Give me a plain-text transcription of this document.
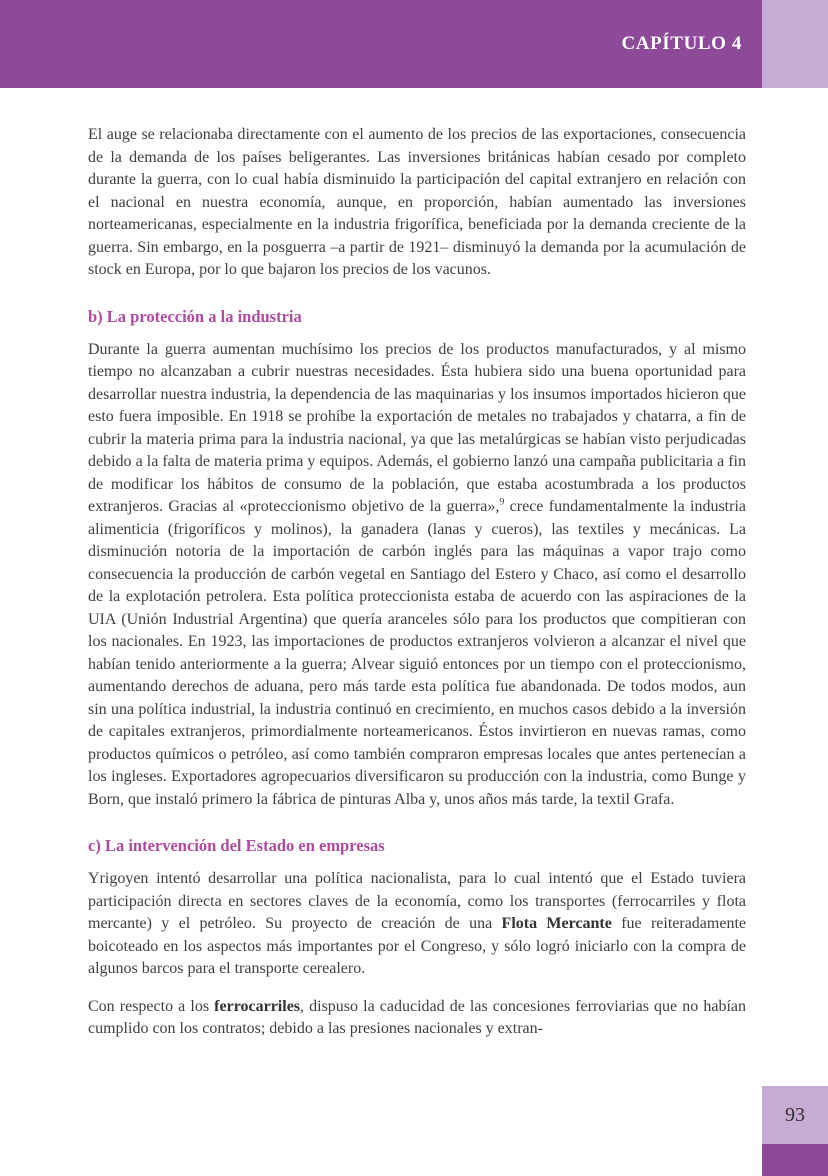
CAPÍTULO 4

El auge se relacionaba directamente con el aumento de los precios de las exportaciones, consecuencia de la demanda de los países beligerantes. Las inversiones británicas habían cesado por completo durante la guerra, con lo cual había disminuido la participación del capital extranjero en relación con el nacional en nuestra economía, aunque, en proporción, habían aumentado las inversiones norteamericanas, especialmente en la industria frigorífica, beneficiada por la demanda creciente de la guerra. Sin embargo, en la posguerra –a partir de 1921– disminuyó la demanda por la acumulación de stock en Europa, por lo que bajaron los precios de los vacunos.

b) La protección a la industria

Durante la guerra aumentan muchísimo los precios de los productos manufacturados, y al mismo tiempo no alcanzaban a cubrir nuestras necesidades. Ésta hubiera sido una buena oportunidad para desarrollar nuestra industria, la dependencia de las maquinarias y los insumos importados hicieron que esto fuera imposible. En 1918 se prohíbe la exportación de metales no trabajados y chatarra, a fin de cubrir la materia prima para la industria nacional, ya que las metalúrgicas se habían visto perjudicadas debido a la falta de materia prima y equipos. Además, el gobierno lanzó una campaña publicitaria a fin de modificar los hábitos de consumo de la población, que estaba acostumbrada a los productos extranjeros. Gracias al «proteccionismo objetivo de la guerra»,$^9$ crece fundamentalmente la industria alimenticia (frigoríficos y molinos), la ganadera (lanas y cueros), las textiles y mecánicas. La disminución notoria de la importación de carbón inglés para las máquinas a vapor trajo como consecuencia la producción de carbón vegetal en Santiago del Estero y Chaco, así como el desarrollo de la explotación petrolera. Esta política proteccionista estaba de acuerdo con las aspiraciones de la UIA (Unión Industrial Argentina) que quería aranceles sólo para los productos que compitieran con los nacionales. En 1923, las importaciones de productos extranjeros volvieron a alcanzar el nivel que habían tenido anteriormente a la guerra; Alvear siguió entonces por un tiempo con el proteccionismo, aumentando derechos de aduana, pero más tarde esta política fue abandonada. De todos modos, aun sin una política industrial, la industria continuó en crecimiento, en muchos casos debido a la inversión de capitales extranjeros, primordialmente norteamericanos. Éstos invirtieron en nuevas ramas, como productos químicos o petróleo, así como también compraron empresas locales que antes pertenecían a los ingleses. Exportadores agropecuarios diversificaron su producción con la industria, como Bunge y Born, que instaló primero la fábrica de pinturas Alba y, unos años más tarde, la textil Grafa.

c) La intervención del Estado en empresas

Yrigoyen intentó desarrollar una política nacionalista, para lo cual intentó que el Estado tuviera participación directa en sectores claves de la economía, como los transportes (ferrocarriles y flota mercante) y el petróleo. Su proyecto de creación de una Flota Mercante fue reiteradamente boicoteado en los aspectos más importantes por el Congreso, y sólo logró iniciarlo con la compra de algunos barcos para el transporte cerealero.

Con respecto a los ferrocarriles, dispuso la caducidad de las concesiones ferroviarias que no habían cumplido con los contratos; debido a las presiones nacionales y extran-

93
